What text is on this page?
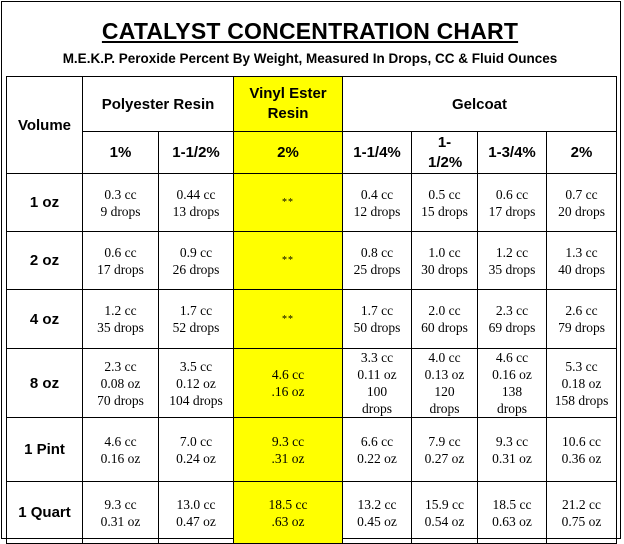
CATALYST CONCENTRATION CHART
M.E.K.P. Peroxide Percent By Weight, Measured In Drops, CC & Fluid Ounces
Volume	Polyester Resin		Vinyl Ester Resin	Gelcoat			
	1%	1-1/2%	2%	1-1/4%	1-1/2%	1-3/4%	2%
1 oz	0.3 cc
9 drops	0.44 cc
13 drops	**	0.4 cc
12 drops	0.5 cc
15 drops	0.6 cc
17 drops	0.7 cc
20 drops

2 oz	0.6 cc
17 drops	0.9 cc
26 drops	**	0.8 cc
25 drops	1.0 cc
30 drops	1.2 cc
35 drops	1.3 cc
40 drops

4 oz	1.2 cc
35 drops	1.7 cc
52 drops	**	1.7 cc
50 drops	2.0 cc
60 drops	2.3 cc
69 drops	2.6 cc
79 drops

8 oz	2.3 cc
0.08 oz
70 drops	3.5 cc
0.12 oz
104 drops	4.6 cc
.16 oz	3.3 cc
0.11 oz
100
drops	4.0 cc
0.13 oz
120
drops	4.6 cc
0.16 oz
138
drops	5.3 cc
0.18 oz
158 drops

1 Pint	4.6 cc
0.16 oz	7.0 cc
0.24 oz	9.3 cc
.31 oz	6.6 cc
0.22 oz	7.9 cc
0.27 oz	9.3 cc
0.31 oz	10.6 cc
0.36 oz

1 Quart	9.3 cc
0.31 oz	13.0 cc
0.47 oz	18.5 cc
.63 oz	13.2 cc
0.45 oz	15.9 cc
0.54 oz	18.5 cc
0.63 oz	21.2 cc
0.75 oz
